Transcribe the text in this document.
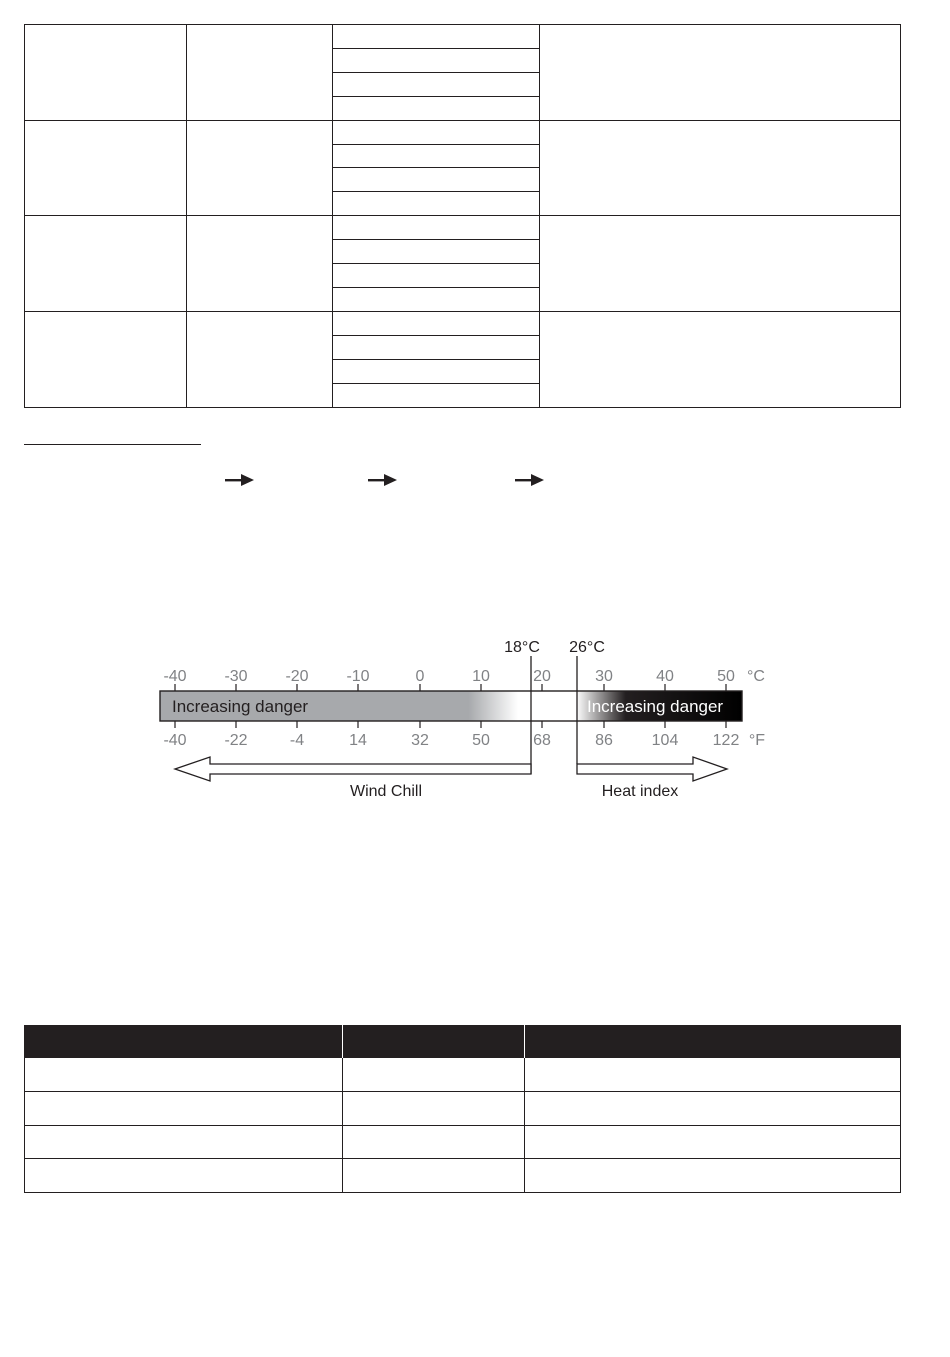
18°C 26°C
-40 -30 -20 -10	0	10	20	30	40	50 °C
-40 -22	-4	14	32	50	68	86 104 122 °F
Increasing danger	Increasing danger
Wind Chill	Heat index
